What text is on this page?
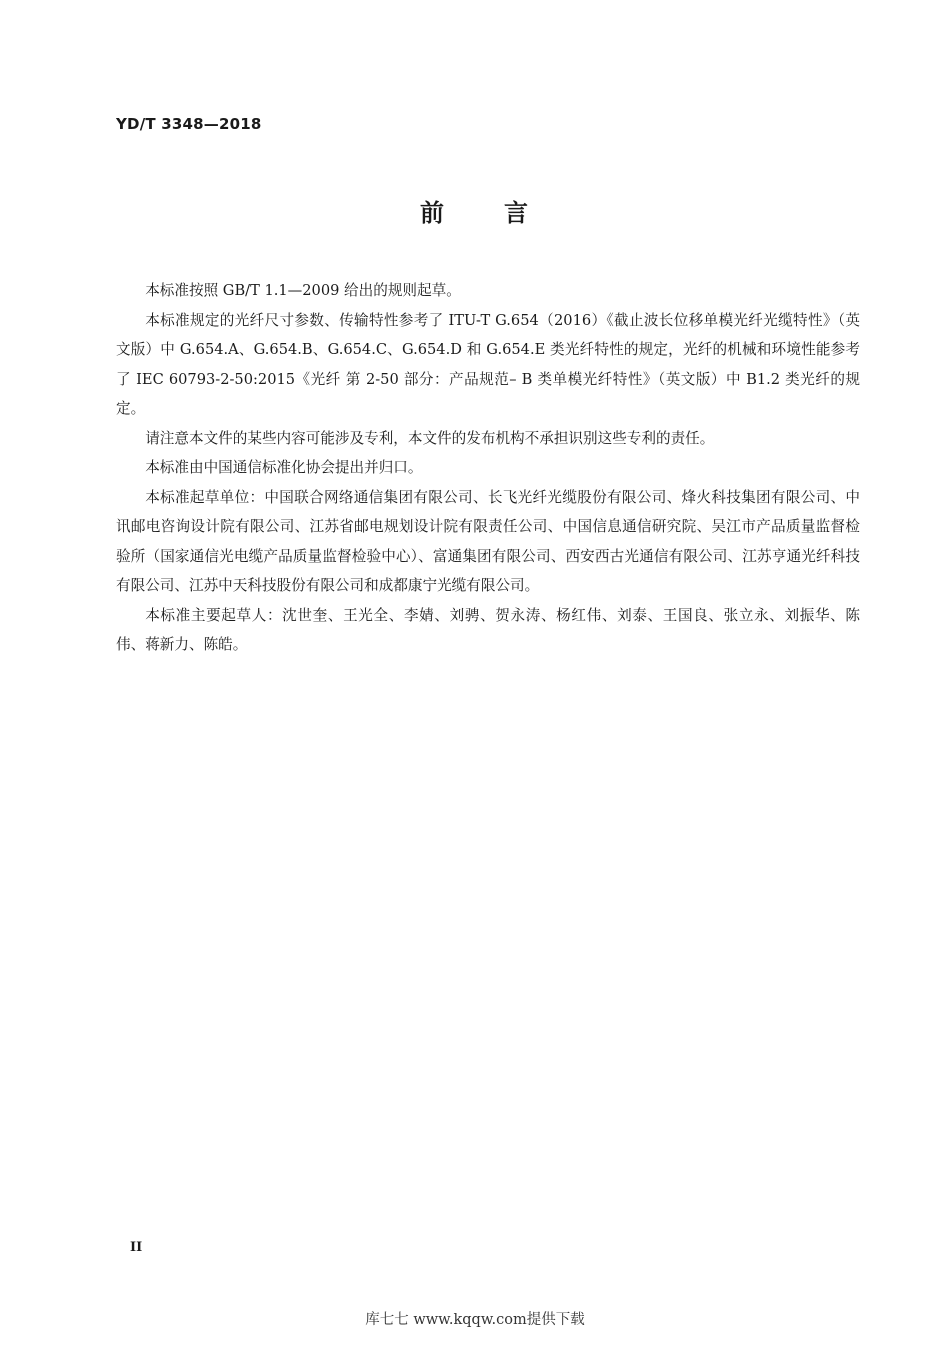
YD/T 3348—2018
前 言

本标准按照 GB/T 1.1—2009 给出的规则起草。

本标准规定的光纤尺寸参数、传输特性参考了 ITU-T G.654（2016）《截止波长位移单模光纤光缆特性》（英文版）中 G.654.A、G.654.B、G.654.C、G.654.D 和 G.654.E 类光纤特性的规定，光纤的机械和环境性能参考了 IEC 60793-2-50:2015《光纤 第 2-50 部分：产品规范– B 类单模光纤特性》（英文版）中 B1.2 类光纤的规定。

请注意本文件的某些内容可能涉及专利，本文件的发布机构不承担识别这些专利的责任。

本标准由中国通信标准化协会提出并归口。

本标准起草单位：中国联合网络通信集团有限公司、长飞光纤光缆股份有限公司、烽火科技集团有限公司、中讯邮电咨询设计院有限公司、江苏省邮电规划设计院有限责任公司、中国信息通信研究院、吴江市产品质量监督检验所（国家通信光电缆产品质量监督检验中心）、富通集团有限公司、西安西古光通信有限公司、江苏亨通光纤科技有限公司、江苏中天科技股份有限公司和成都康宁光缆有限公司。

本标准主要起草人：沈世奎、王光全、李婧、刘骋、贺永涛、杨红伟、刘泰、王国良、张立永、刘振华、陈伟、蒋新力、陈皓。

II
库七七 www.kqqw.com提供下载
